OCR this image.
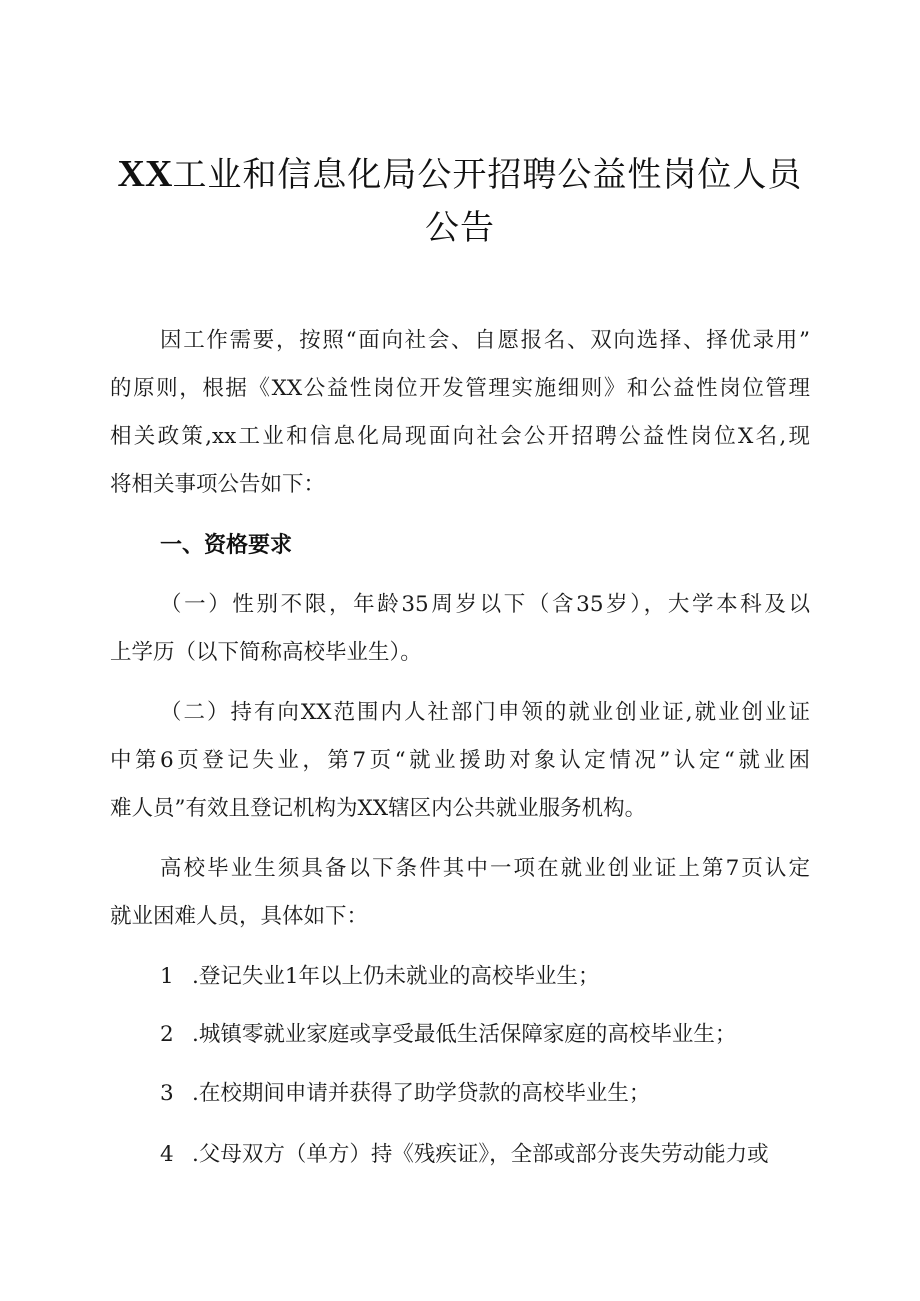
XX工业和信息化局公开招聘公益性岗位人员
公告
因工作需要，按照“面向社会、自愿报名、双向选择、择优录用”
的原则，根据《XX公益性岗位开发管理实施细则》和公益性岗位管理
相关政策,xx工业和信息化局现面向社会公开招聘公益性岗位X名,现
将相关事项公告如下：
一、资格要求
（一）性别不限，年龄35周岁以下（含35岁），大学本科及以
上学历（以下简称高校毕业生）。
（二）持有向XX范围内人社部门申领的就业创业证,就业创业证
中第6页登记失业，第7页“就业援助对象认定情况”认定“就业困
难人员”有效且登记机构为XX辖区内公共就业服务机构。
高校毕业生须具备以下条件其中一项在就业创业证上第7页认定
就业困难人员，具体如下：
1 .登记失业1年以上仍未就业的高校毕业生；
2 .城镇零就业家庭或享受最低生活保障家庭的高校毕业生；
3 .在校期间申请并获得了助学贷款的高校毕业生；
4 .父母双方（单方）持《残疾证》，全部或部分丧失劳动能力或
